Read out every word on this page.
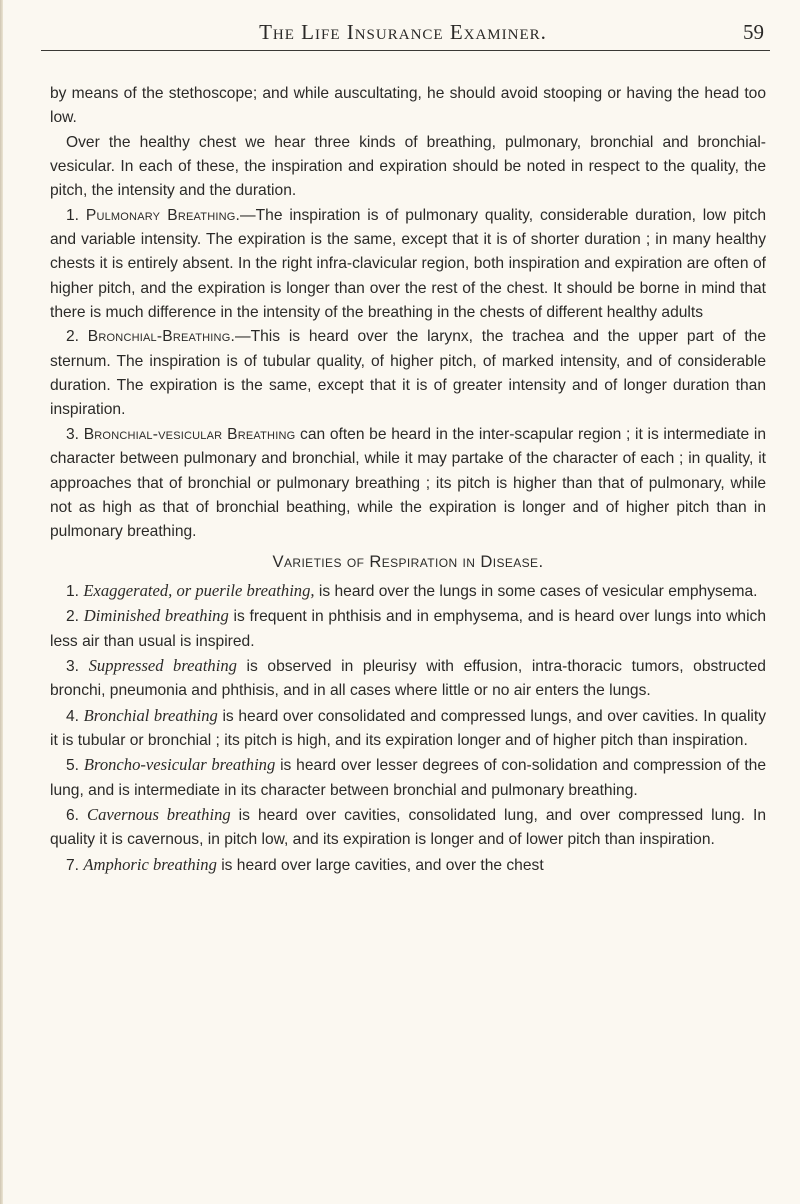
The Life Insurance Examiner.	59

by means of the stethoscope; and while auscultating, he should avoid stooping or having the head too low.

Over the healthy chest we hear three kinds of breathing, pulmonary, bronchial and bronchial-vesicular. In each of these, the inspiration and expiration should be noted in respect to the quality, the pitch, the intensity and the duration.

1. Pulmonary Breathing.—The inspiration is of pulmonary quality, considerable duration, low pitch and variable intensity. The expiration is the same, except that it is of shorter duration ; in many healthy chests it is entirely absent. In the right infra-clavicular region, both inspiration and expiration are often of higher pitch, and the expiration is longer than over the rest of the chest. It should be borne in mind that there is much difference in the intensity of the breathing in the chests of different healthy adults

2. Bronchial-Breathing.—This is heard over the larynx, the trachea and the upper part of the sternum. The inspiration is of tubular quality, of higher pitch, of marked intensity, and of considerable duration. The expiration is the same, except that it is of greater intensity and of longer duration than inspiration.

3. Bronchial-vesicular Breathing can often be heard in the inter-scapular region ; it is intermediate in character between pulmonary and bronchial, while it may partake of the character of each ; in quality, it approaches that of bronchial or pulmonary breathing ; its pitch is higher than that of pulmonary, while not as high as that of bronchial beathing, while the expiration is longer and of higher pitch than in pulmonary breathing.

Varieties of Respiration in Disease.

1. Exaggerated, or puerile breathing, is heard over the lungs in some cases of vesicular emphysema.

2. Diminished breathing is frequent in phthisis and in emphysema, and is heard over lungs into which less air than usual is inspired.

3. Suppressed breathing is observed in pleurisy with effusion, intra-thoracic tumors, obstructed bronchi, pneumonia and phthisis, and in all cases where little or no air enters the lungs.

4. Bronchial breathing is heard over consolidated and compressed lungs, and over cavities. In quality it is tubular or bronchial ; its pitch is high, and its expiration longer and of higher pitch than inspiration.

5. Broncho-vesicular breathing is heard over lesser degrees of con-solidation and compression of the lung, and is intermediate in its character between bronchial and pulmonary breathing.

6. Cavernous breathing is heard over cavities, consolidated lung, and over compressed lung. In quality it is cavernous, in pitch low, and its expiration is longer and of lower pitch than inspiration.

7. Amphoric breathing is heard over large cavities, and over the chest
